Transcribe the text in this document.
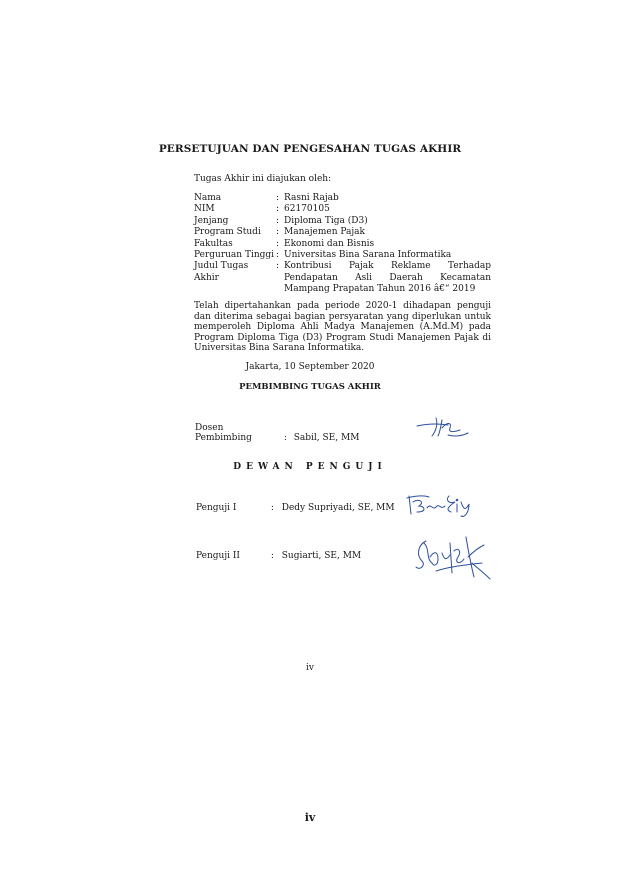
PERSETUJUAN DAN PENGESAHAN TUGAS AKHIR
Tugas Akhir ini diajukan oleh:
Nama	: Rasni Rajab
NIM	: 62170105
Jenjang	: Diploma Tiga (D3)
Program Studi	: Manajemen Pajak
Fakultas	: Ekonomi dan Bisnis
Perguruan Tinggi : Universitas Bina Sarana Informatika
Judul Tugas Akhir
: Kontribusi Pajak Reklame Terhadap Pendapatan Asli Daerah Kecamatan Mampang Prapatan Tahun 2016 â€“ 2019
Telah dipertahankan pada periode 2020-1 dihadapan penguji dan diterima sebagai bagian persyaratan yang diperlukan untuk memperoleh Diploma Ahli Madya Manajemen (A.Md.M) pada Program Diploma Tiga (D3) Program Studi Manajemen Pajak di Universitas Bina Sarana Informatika.
Jakarta, 10 September 2020
PEMBIMBING TUGAS AKHIR
Dosen Pembimbing	: Sabil, SE, MM
DEWAN PENGUJI
Penguji I	: Dedy Supriyadi, SE, MM
Penguji II	: Sugiarti, SE, MM
iv
iv
